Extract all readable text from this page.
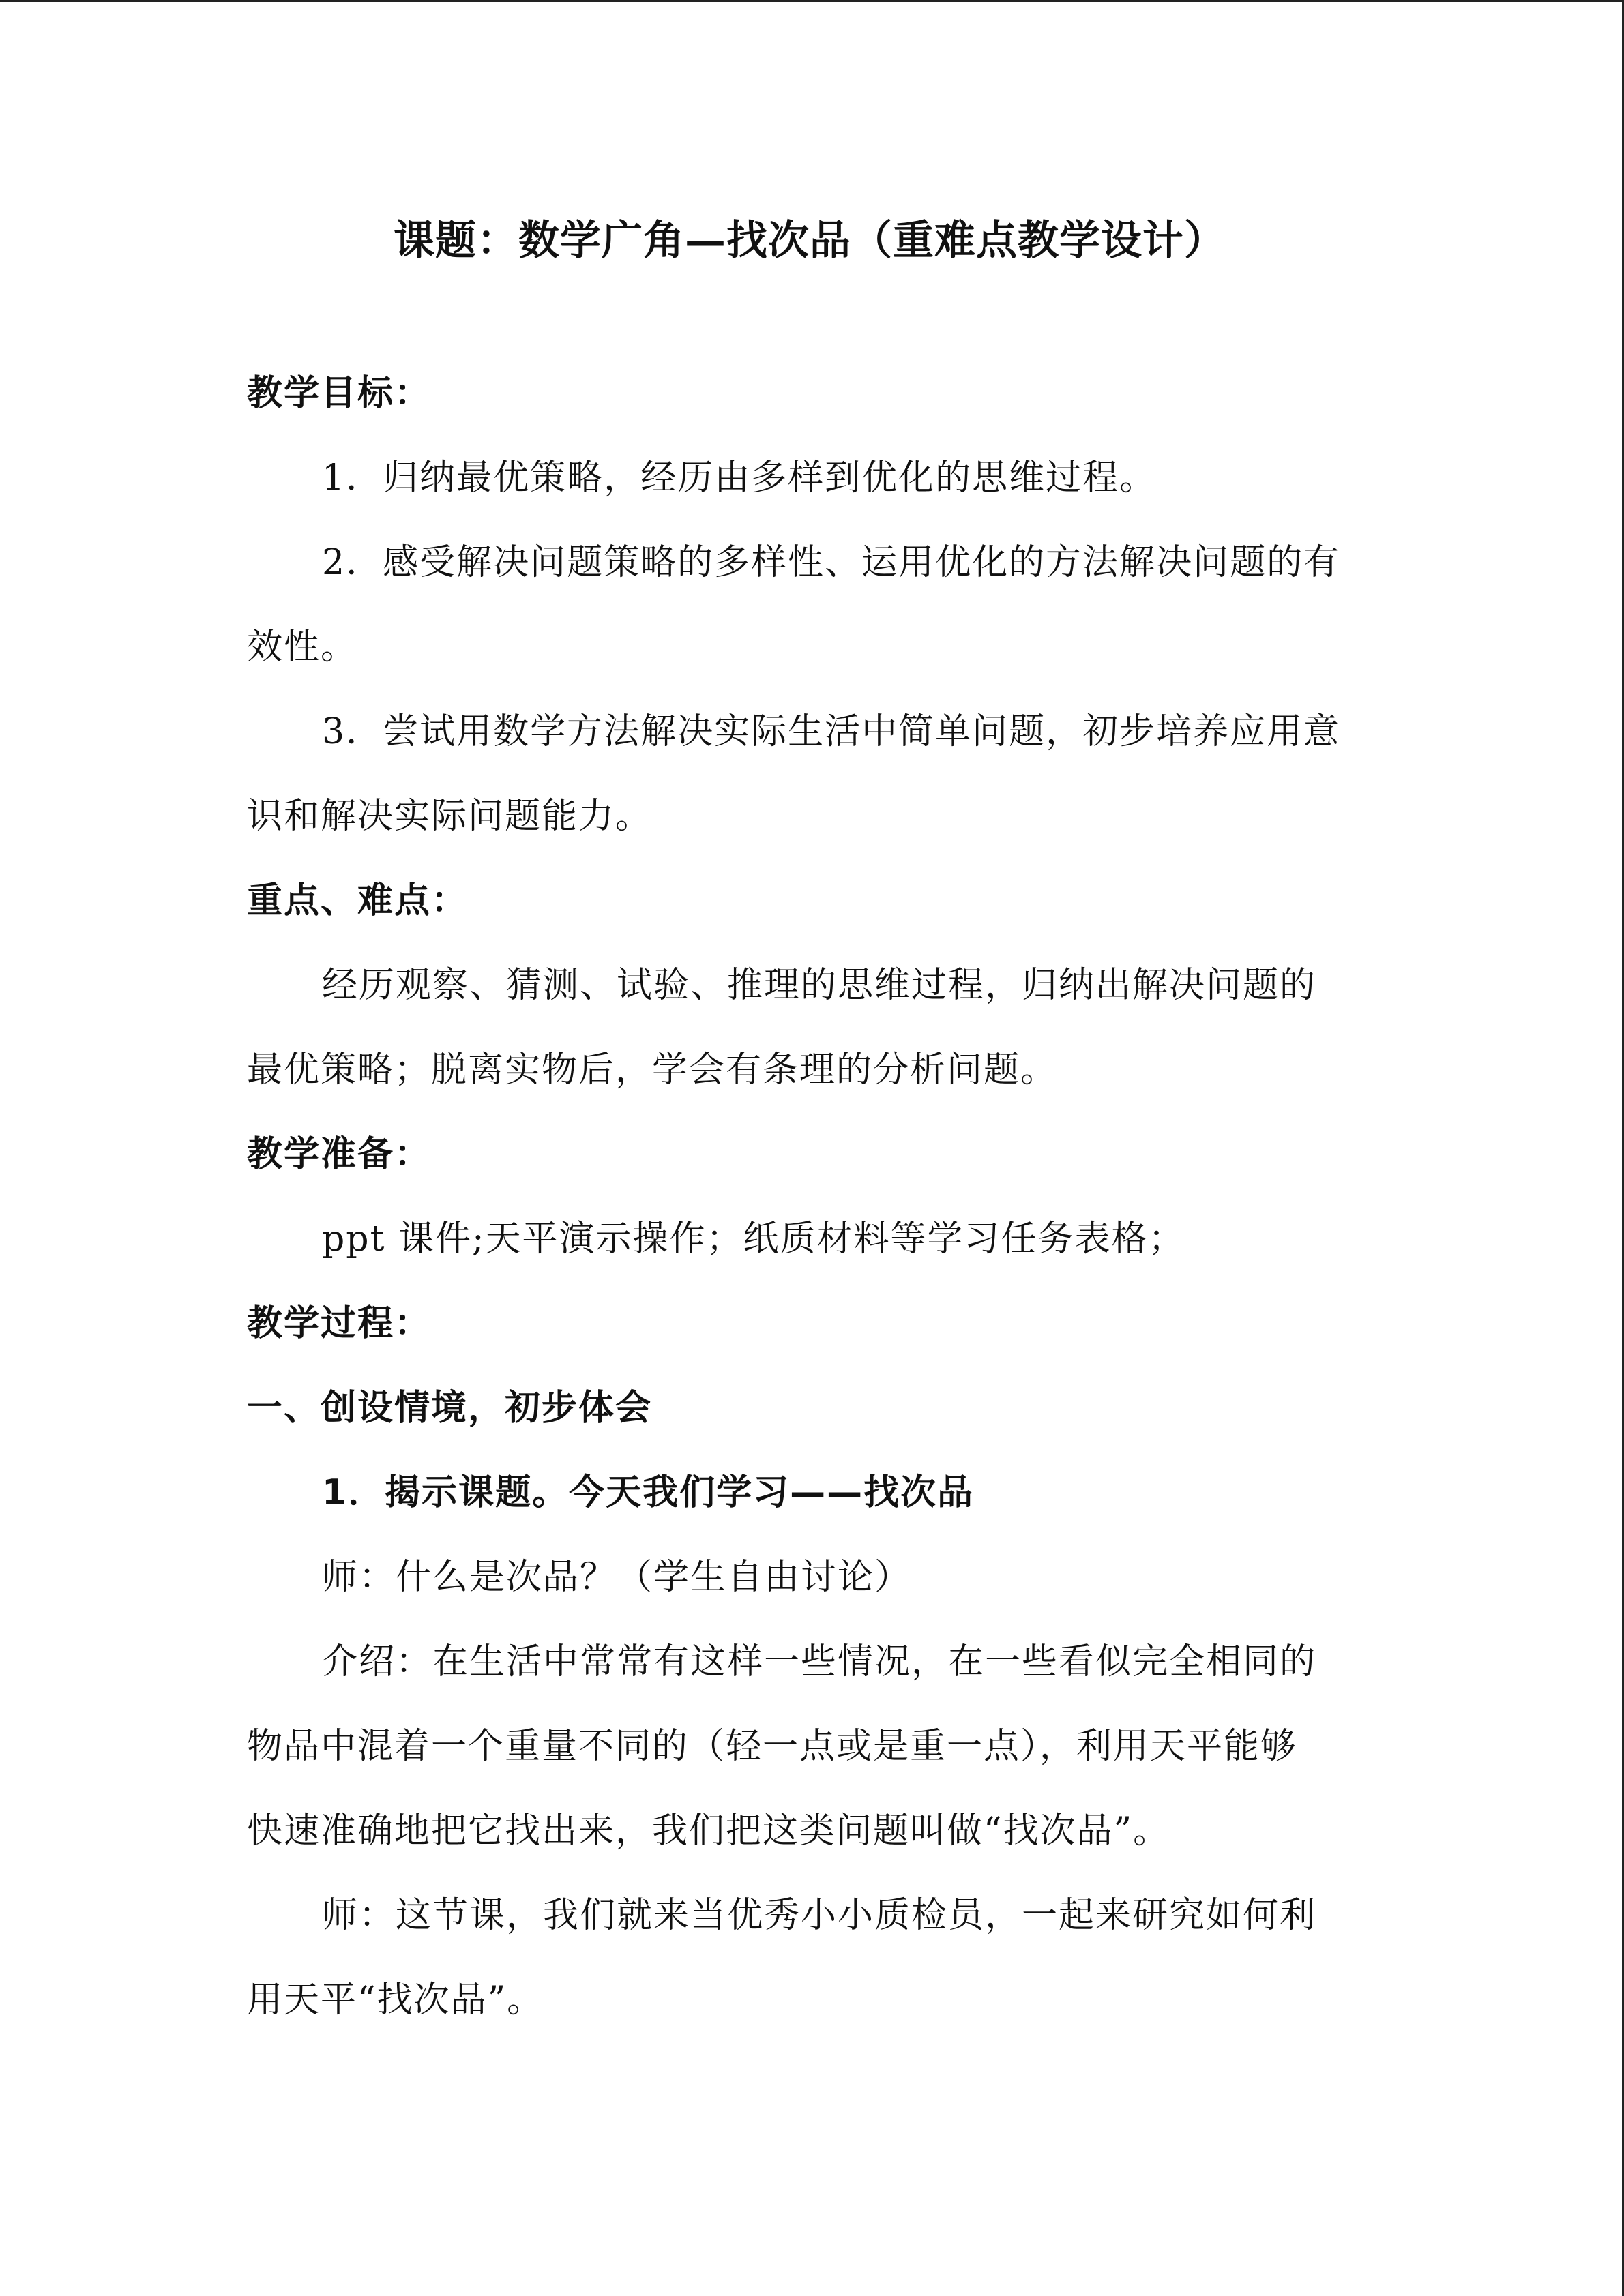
课题：数学广角—找次品（重难点教学设计）
教学目标：
1．归纳最优策略，经历由多样到优化的思维过程。
2．感受解决问题策略的多样性、运用优化的方法解决问题的有
效性。
3．尝试用数学方法解决实际生活中简单问题，初步培养应用意
识和解决实际问题能力。
重点、难点：
经历观察、猜测、试验、推理的思维过程，归纳出解决问题的
最优策略；脱离实物后，学会有条理的分析问题。
教学准备：
ppt 课件;天平演示操作；纸质材料等学习任务表格；
教学过程：
一、创设情境，初步体会
1．揭示课题。今天我们学习——找次品
师：什么是次品？（学生自由讨论）
介绍：在生活中常常有这样一些情况，在一些看似完全相同的
物品中混着一个重量不同的（轻一点或是重一点），利用天平能够
快速准确地把它找出来，我们把这类问题叫做“找次品”。
师：这节课，我们就来当优秀小小质检员，一起来研究如何利
用天平“找次品”。
